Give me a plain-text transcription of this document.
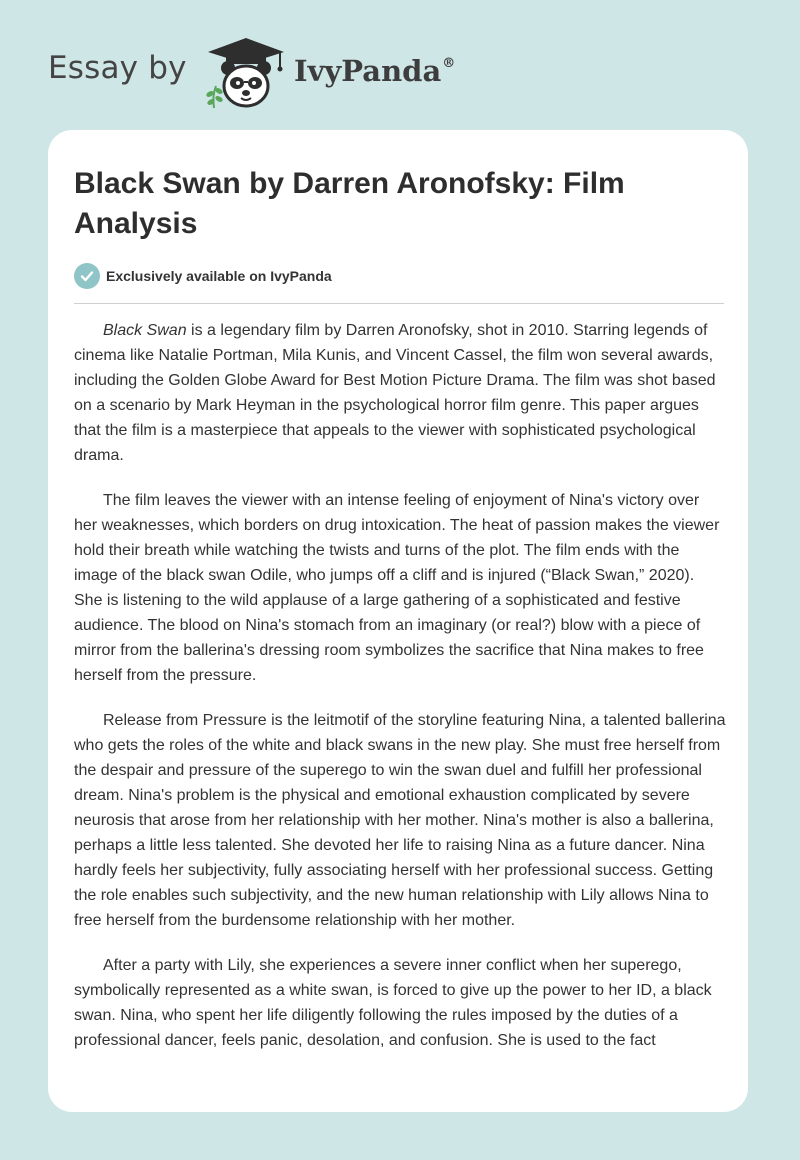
Essay by	IvyPanda®
Black Swan by Darren Aronofsky: Film Analysis
Exclusively available on IvyPanda

Black Swan is a legendary film by Darren Aronofsky, shot in 2010. Starring legends of cinema like Natalie Portman, Mila Kunis, and Vincent Cassel, the film won several awards, including the Golden Globe Award for Best Motion Picture Drama. The film was shot based on a scenario by Mark Heyman in the psychological horror film genre. This paper argues that the film is a masterpiece that appeals to the viewer with sophisticated psychological drama.

The film leaves the viewer with an intense feeling of enjoyment of Nina's victory over her weaknesses, which borders on drug intoxication. The heat of passion makes the viewer hold their breath while watching the twists and turns of the plot. The film ends with the image of the black swan Odile, who jumps off a cliff and is injured (“Black Swan,” 2020). She is listening to the wild applause of a large gathering of a sophisticated and festive audience. The blood on Nina's stomach from an imaginary (or real?) blow with a piece of mirror from the ballerina's dressing room symbolizes the sacrifice that Nina makes to free herself from the pressure.

Release from Pressure is the leitmotif of the storyline featuring Nina, a talented ballerina who gets the roles of the white and black swans in the new play. She must free herself from the despair and pressure of the superego to win the swan duel and fulfill her professional dream. Nina's problem is the physical and emotional exhaustion complicated by severe neurosis that arose from her relationship with her mother. Nina's mother is also a ballerina, perhaps a little less talented. She devoted her life to raising Nina as a future dancer. Nina hardly feels her subjectivity, fully associating herself with her professional success. Getting the role enables such subjectivity, and the new human relationship with Lily allows Nina to free herself from the burdensome relationship with her mother.

After a party with Lily, she experiences a severe inner conflict when her superego, symbolically represented as a white swan, is forced to give up the power to her ID, a black swan. Nina, who spent her life diligently following the rules imposed by the duties of a professional dancer, feels panic, desolation, and confusion. She is used to the fact
